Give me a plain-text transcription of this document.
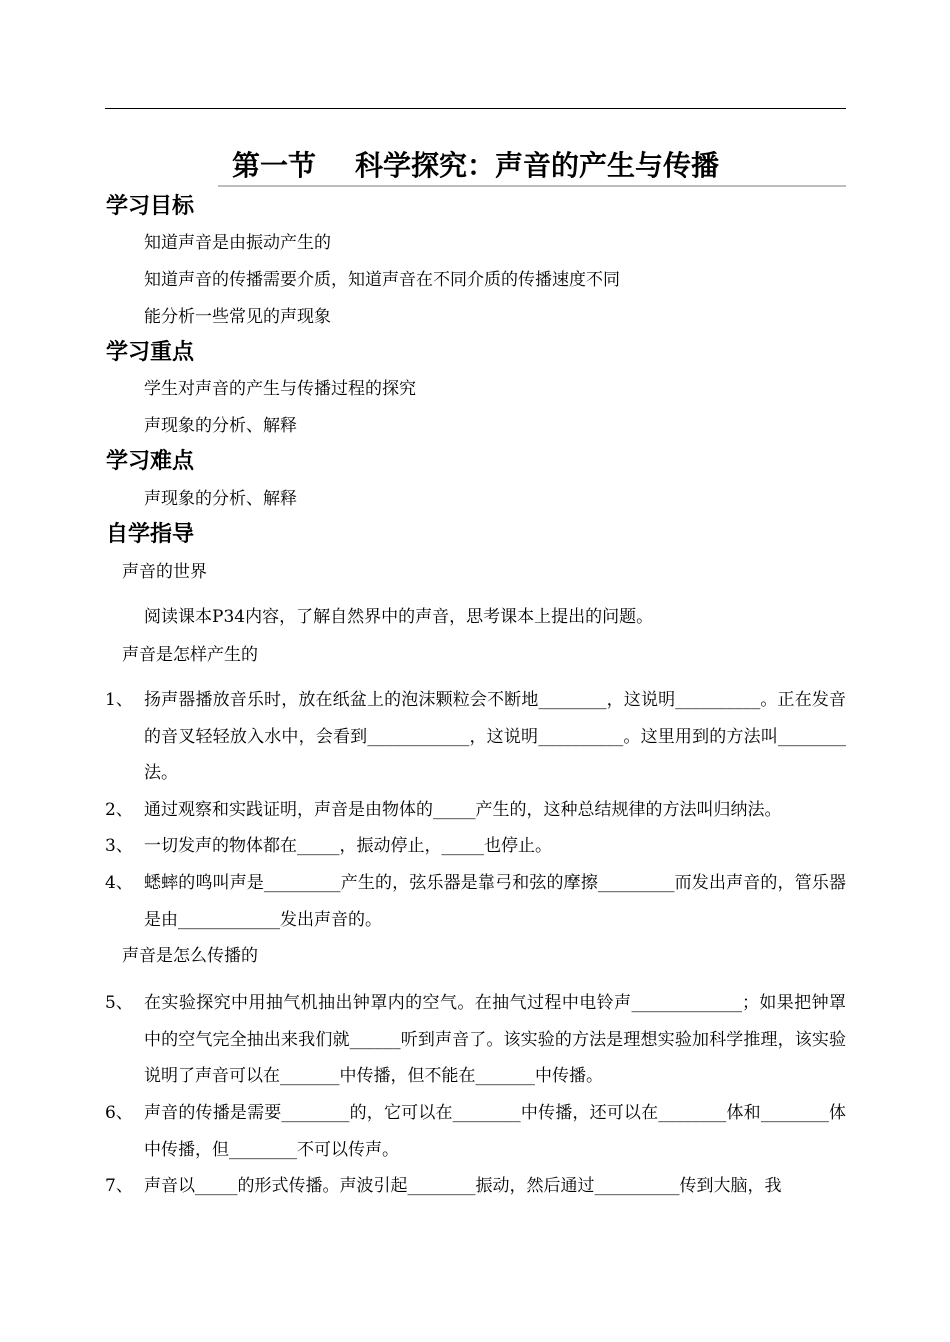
第一节    科学探究：声音的产生与传播
学习目标
知道声音是由振动产生的
知道声音的传播需要介质，知道声音在不同介质的传播速度不同
能分析一些常见的声现象
学习重点
学生对声音的产生与传播过程的探究
声现象的分析、解释
学习难点
声现象的分析、解释
自学指导
声音的世界
阅读课本P34内容，了解自然界中的声音，思考课本上提出的问题。
声音是怎样产生的
1、 扬声器播放音乐时，放在纸盆上的泡沫颗粒会不断地________，这说明__________。正在发音的音叉轻轻放入水中，会看到____________，这说明__________。这里用到的方法叫________法。
2、 通过观察和实践证明，声音是由物体的_____产生的，这种总结规律的方法叫归纳法。
3、 一切发声的物体都在_____，振动停止，_____也停止。
4、 蟋蟀的鸣叫声是_________产生的，弦乐器是靠弓和弦的摩擦_________而发出声音的，管乐器是由____________发出声音的。
声音是怎么传播的
5、 在实验探究中用抽气机抽出钟罩内的空气。在抽气过程中电铃声_____________；如果把钟罩中的空气完全抽出来我们就______听到声音了。该实验的方法是理想实验加科学推理，该实验说明了声音可以在_______中传播，但不能在_______中传播。
6、 声音的传播是需要________的，它可以在________中传播，还可以在________体和________体中传播，但________不可以传声。
7、 声音以_____的形式传播。声波引起________振动，然后通过__________传到大脑，我
